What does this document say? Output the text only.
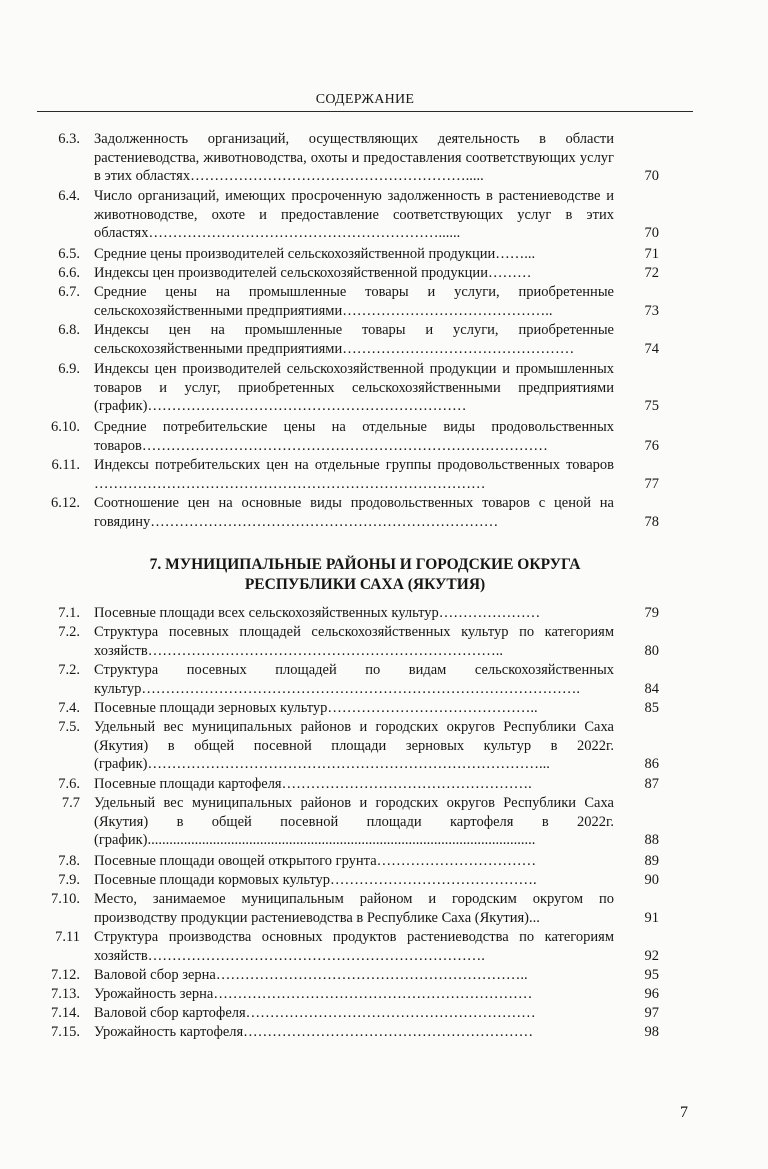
СОДЕРЖАНИЕ
6.3. Задолженность организаций, осуществляющих деятельность в области растениеводства, животноводства, охоты и предоставления соответствующих услуг в этих областях………………………………………………….....	70
6.4. Число организаций, имеющих просроченную задолженность в растениеводстве и животноводстве, охоте и предоставление соответствующих услуг в этих областях……………………………………………………......	70
6.5. Средние цены производителей сельскохозяйственной продукции……...	71
6.6. Индексы цен производителей сельскохозяйственной продукции………	72
6.7. Средние цены на промышленные товары и услуги, приобретенные сельскохозяйственными предприятиями……………………………………..	73
6.8. Индексы цен на промышленные товары и услуги, приобретенные сельскохозяйственными предприятиями…………………………………………	74
6.9. Индексы цен производителей сельскохозяйственной продукции и промышленных товаров и услуг, приобретенных сельскохозяйственными предприятиями (график)…………………………………………………………	75
6.10. Средние потребительские цены на отдельные виды продовольственных товаров…………………………………………………………………………	76
6.11. Индексы потребительских цен на отдельные группы продовольственных товаров ………………………………………………………………………	77
6.12. Соотношение цен на основные виды продовольственных товаров с ценой на говядину………………………………………………………………	78
7. МУНИЦИПАЛЬНЫЕ РАЙОНЫ И ГОРОДСКИЕ ОКРУГА
РЕСПУБЛИКИ САХА (ЯКУТИЯ)
7.1. Посевные площади всех сельскохозяйственных культур…………………	79
7.2. Структура посевных площадей сельскохозяйственных культур по категориям хозяйств………………………………………………………………..	80
7.2. Структура посевных площадей по видам сельскохозяйственных культур……………………………………………………………………………….	84
7.4. Посевные площади зерновых культур……………………………………..	85
7.5. Удельный вес муниципальных районов и городских округов Республики Саха (Якутия) в общей посевной площади зерновых культур в 2022г. (график)………………………………………………………………………...	86
7.6. Посевные площади картофеля…………………………………………….	87
7.7 Удельный вес муниципальных районов и городских округов Республики Саха (Якутия) в общей посевной площади картофеля в 2022г. (график)...........................................................................................................	88
7.8. Посевные площади овощей открытого грунта……………………………	89
7.9. Посевные площади кормовых культур…………………………………….	90
7.10. Место, занимаемое муниципальным районом и городским округом по производству продукции растениеводства в Республике Саха (Якутия)...	91
7.11 Структура производства основных продуктов растениеводства по категориям хозяйств…………………………………………………………….	92
7.12. Валовой сбор зерна………………………………………………………..	95
7.13. Урожайность зерна…………………………………………………………	96
7.14. Валовой сбор картофеля……………………………………………………	97
7.15. Урожайность картофеля……………………………………………………	98
7
